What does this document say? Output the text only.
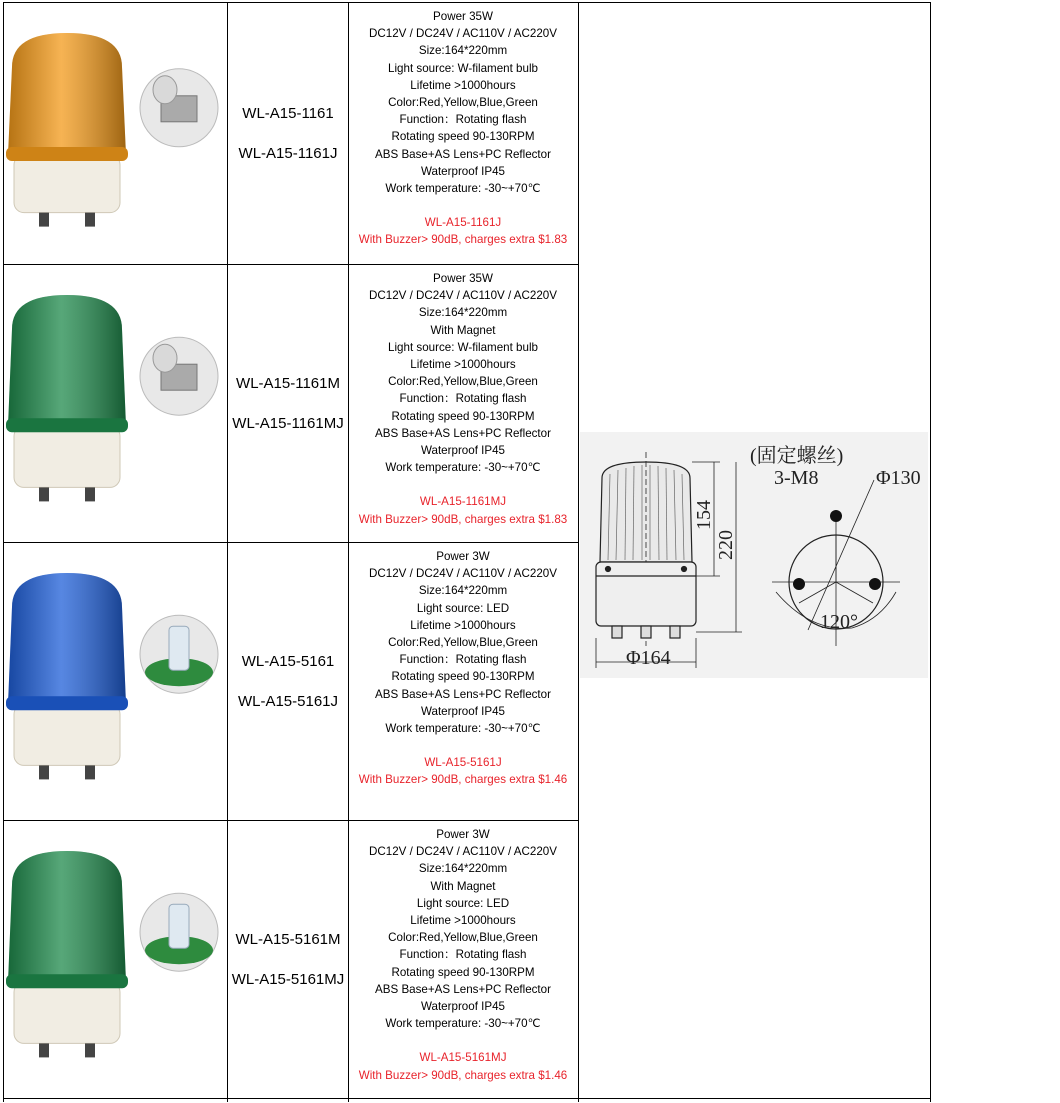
WL-A15-1161
WL-A15-1161J
Power 35W
DC12V / DC24V / AC110V / AC220V
Size:164*220mm
Light source: W-filament bulb
Lifetime >1000hours
Color:Red,Yellow,Blue,Green
Function：Rotating flash
Rotating speed 90-130RPM
ABS Base+AS Lens+PC Reflector
Waterproof IP45
Work temperature: -30~+70℃
WL-A15-1161J
With Buzzer> 90dB, charges extra $1.83
WL-A15-1161M
WL-A15-1161MJ
Power 35W
DC12V / DC24V / AC110V / AC220V
Size:164*220mm
With Magnet
Light source: W-filament bulb
Lifetime >1000hours
Color:Red,Yellow,Blue,Green
Function：Rotating flash
Rotating speed 90-130RPM
ABS Base+AS Lens+PC Reflector
Waterproof IP45
Work temperature: -30~+70℃
WL-A15-1161MJ
With Buzzer> 90dB, charges extra $1.83
WL-A15-5161
WL-A15-5161J
Power 3W
DC12V / DC24V / AC110V / AC220V
Size:164*220mm
Light source: LED
Lifetime >1000hours
Color:Red,Yellow,Blue,Green
Function：Rotating flash
Rotating speed 90-130RPM
ABS Base+AS Lens+PC Reflector
Waterproof IP45
Work temperature: -30~+70℃
WL-A15-5161J
With Buzzer> 90dB, charges extra $1.46
WL-A15-5161M
WL-A15-5161MJ
Power 3W
DC12V / DC24V / AC110V / AC220V
Size:164*220mm
With Magnet
Light source: LED
Lifetime >1000hours
Color:Red,Yellow,Blue,Green
Function：Rotating flash
Rotating speed 90-130RPM
ABS Base+AS Lens+PC Reflector
Waterproof IP45
Work temperature: -30~+70℃
WL-A15-5161MJ
With Buzzer> 90dB, charges extra $1.46
(固定螺丝)
3-M8	Φ130
154
220
120°
Φ164
